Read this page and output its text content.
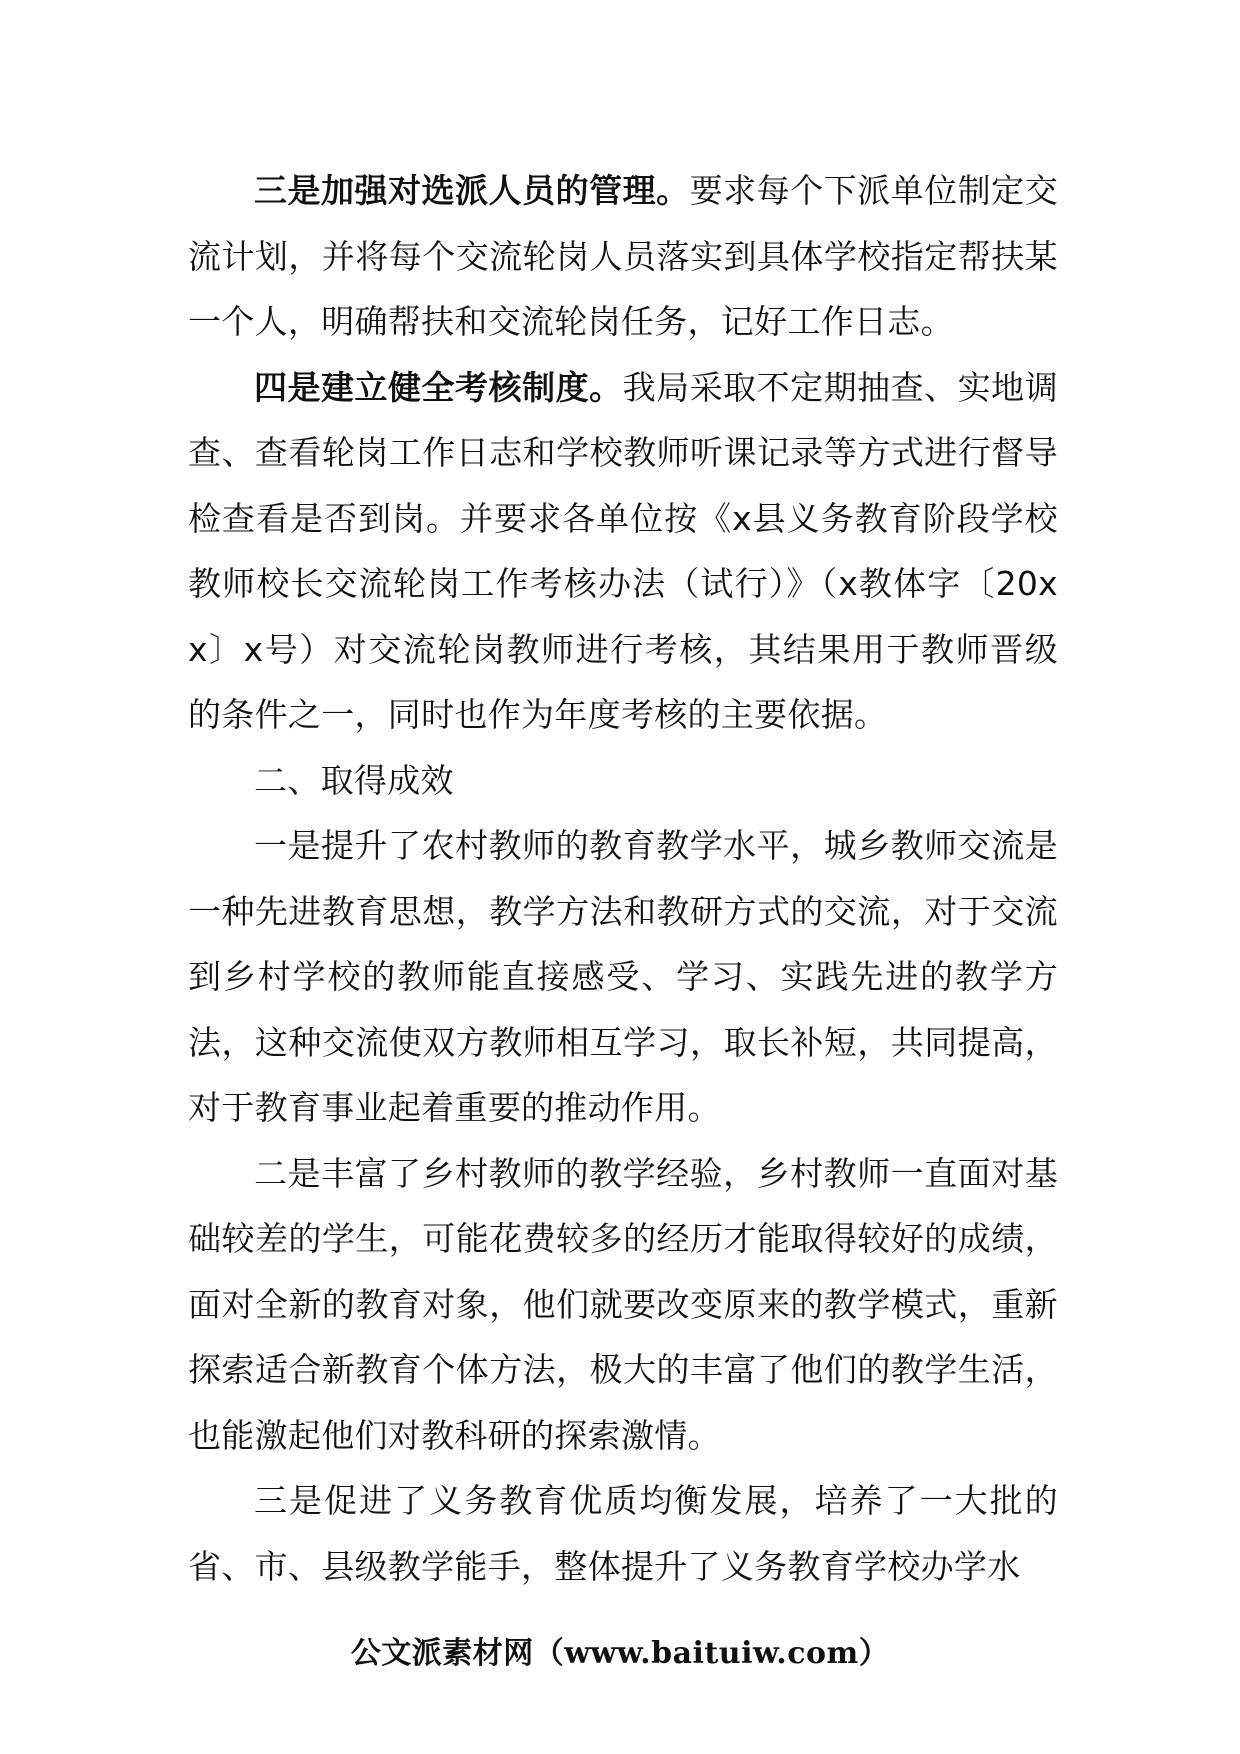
三是加强对选派人员的管理。要求每个下派单位制定交流计划，并将每个交流轮岗人员落实到具体学校指定帮扶某一个人，明确帮扶和交流轮岗任务，记好工作日志。

四是建立健全考核制度。我局采取不定期抽查、实地调查、查看轮岗工作日志和学校教师听课记录等方式进行督导检查看是否到岗。并要求各单位按《x县义务教育阶段学校教师校长交流轮岗工作考核办法（试行）》（x教体字〔20xx〕x号）对交流轮岗教师进行考核，其结果用于教师晋级的条件之一，同时也作为年度考核的主要依据。

二、取得成效

一是提升了农村教师的教育教学水平，城乡教师交流是一种先进教育思想，教学方法和教研方式的交流，对于交流到乡村学校的教师能直接感受、学习、实践先进的教学方法，这种交流使双方教师相互学习，取长补短，共同提高，对于教育事业起着重要的推动作用。

二是丰富了乡村教师的教学经验，乡村教师一直面对基础较差的学生，可能花费较多的经历才能取得较好的成绩，面对全新的教育对象，他们就要改变原来的教学模式，重新探索适合新教育个体方法，极大的丰富了他们的教学生活，也能激起他们对教科研的探索激情。

三是促进了义务教育优质均衡发展，培养了一大批的省、市、县级教学能手，整体提升了义务教育学校办学水

公文派素材网（www.baituiw.com）
